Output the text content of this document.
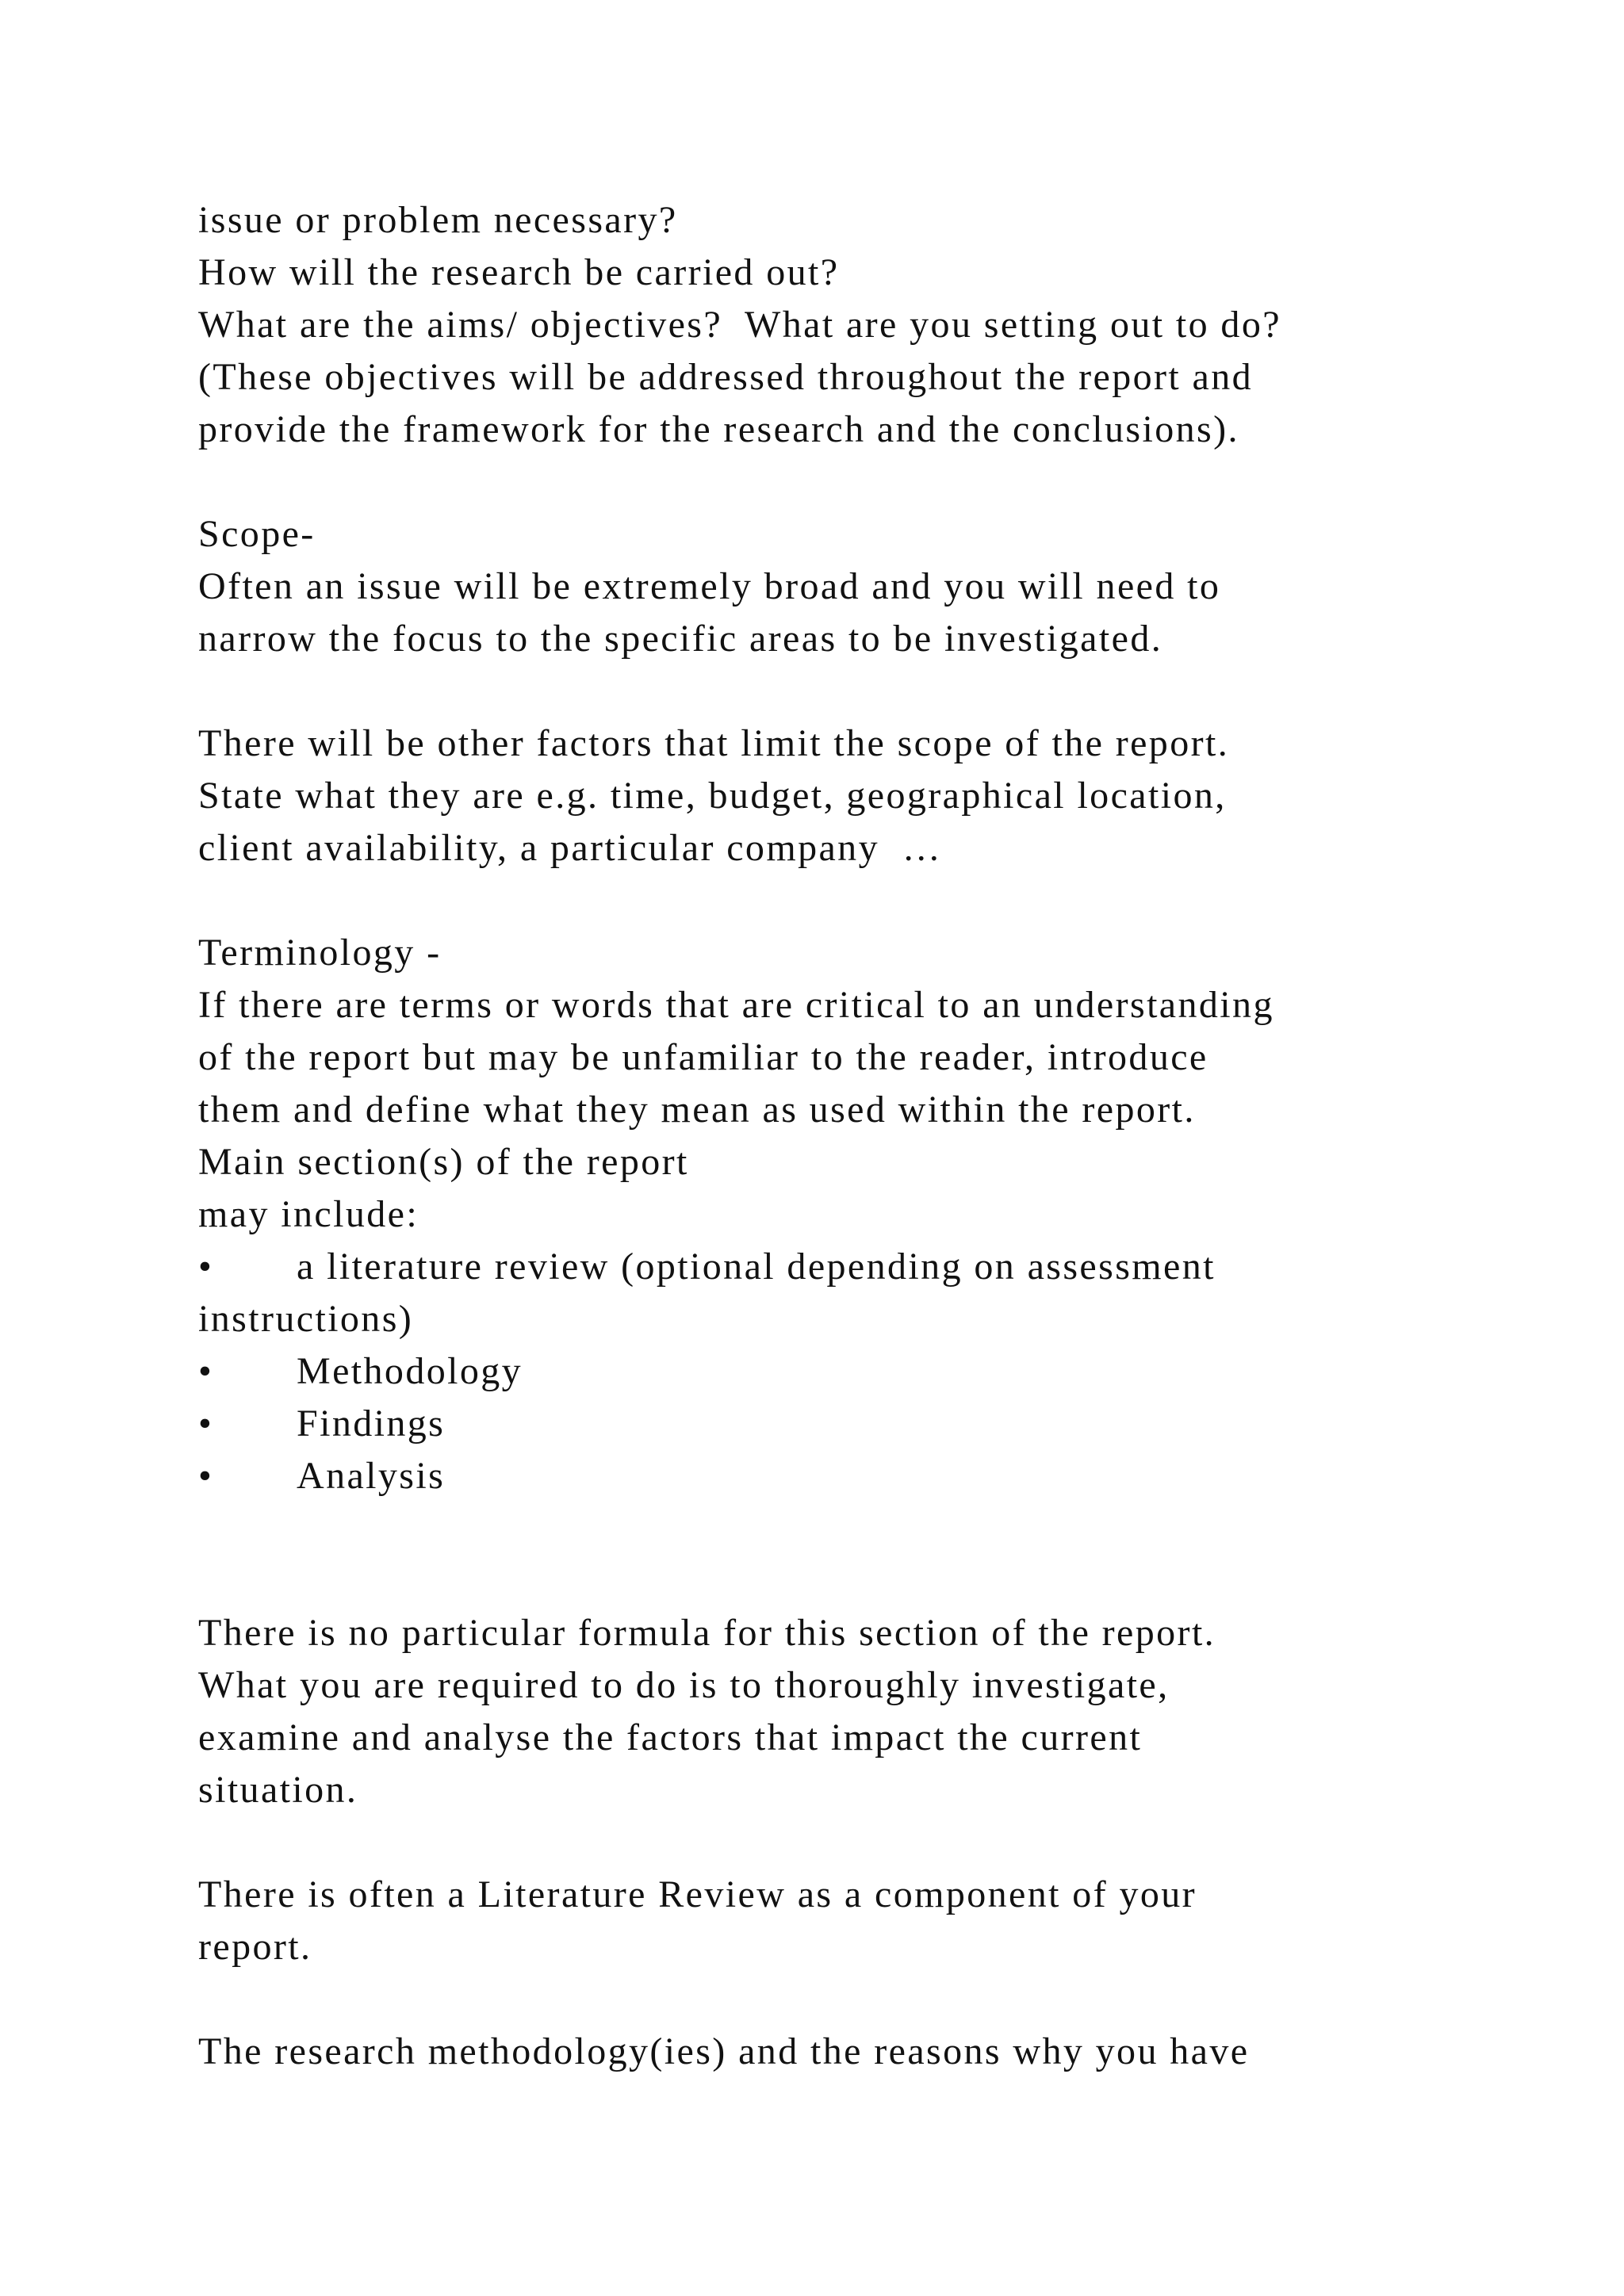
issue or problem necessary?
How will the research be carried out?
What are the aims/ objectives?  What are you setting out to do?
(These objectives will be addressed throughout the report and
provide the framework for the research and the conclusions).
Scope-
Often an issue will be extremely broad and you will need to
narrow the focus to the specific areas to be investigated.
There will be other factors that limit the scope of the report.
State what they are e.g. time, budget, geographical location,
client availability, a particular company  …
Terminology -
If there are terms or words that are critical to an understanding
of the report but may be unfamiliar to the reader, introduce
them and define what they mean as used within the report.
Main section(s) of the report
may include:
•	a literature review (optional depending on assessment
instructions)
•	Methodology
•	Findings
•	Analysis
There is no particular formula for this section of the report.
What you are required to do is to thoroughly investigate,
examine and analyse the factors that impact the current
situation.
There is often a Literature Review as a component of your
report.
The research methodology(ies) and the reasons why you have
